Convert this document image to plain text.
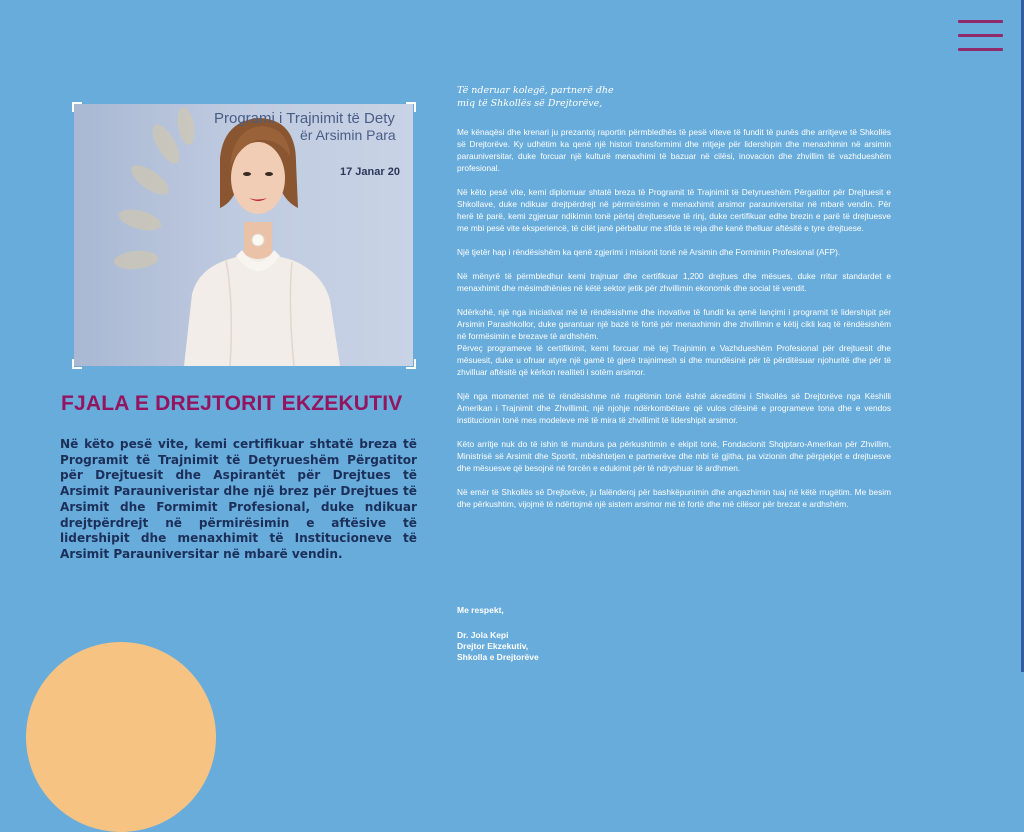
Programi i Trajnimit të Dety
ër Arsimin Para
17 Janar 20
FJALA E DREJTORIT EKZEKUTIV

Në këto pesë vite, kemi certifikuar shtatë breza të Programit të Trajnimit të Detyrueshëm Përgatitor për Drejtuesit dhe Aspirantët për Drejtues të Arsimit Parauniveristar dhe një brez për Drejtues të Arsimit dhe Formimit Profesional, duke ndikuar drejtpërdrejt në përmirësimin e aftësive të lidershipit dhe menaxhimit të Institucioneve të Arsimit Parauniversitar në mbarë vendin.

Të nderuar kolegë, partnerë dhe
miq të Shkollës së Drejtorëve,

Me kënaqësi dhe krenari ju prezantoj raportin përmbledhës të pesë viteve të fundit të punës dhe arritjeve të Shkollës së Drejtorëve. Ky udhëtim ka qenë një histori transformimi dhe rritjeje për lidershipin dhe menaxhimin në arsimin parauniversitar, duke forcuar një kulturë menaxhimi të bazuar në cilësi, inovacion dhe zhvillim të vazhdueshëm profesional.

Në këto pesë vite, kemi diplomuar shtatë breza të Programit të Trajnimit të Detyrueshëm Përgatitor për Drejtuesit e Shkollave, duke ndikuar drejtpërdrejt në përmirësimin e menaxhimit arsimor parauniversitar në mbarë vendin. Për herë të parë, kemi zgjeruar ndikimin tonë përtej drejtueseve të rinj, duke certifikuar edhe brezin e parë të drejtuesve me mbi pesë vite eksperiencë, të cilët janë përballur me sfida të reja dhe kanë thelluar aftësitë e tyre drejtuese.

Një tjetër hap i rëndësishëm ka qenë zgjerimi i misionit tonë në Arsimin dhe Formimin Profesional (AFP).

Në mënyrë të përmbledhur kemi trajnuar dhe certifikuar 1,200 drejtues dhe mësues, duke rritur standardet e menaxhimit dhe mësimdhënies në këtë sektor jetik për zhvillimin ekonomik dhe social të vendit.

Ndërkohë, një nga iniciativat më të rëndësishme dhe inovative të fundit ka qenë lançimi i programit të lidershipit për Arsimin Parashkollor, duke garantuar një bazë të fortë për menaxhimin dhe zhvillimin e këtij cikli kaq të rëndësishëm në formësimin e brezave të ardhshëm.

Përveç programeve të certifikimit, kemi forcuar më tej Trajnimin e Vazhdueshëm Profesional për drejtuesit dhe mësuesit, duke u ofruar atyre një gamë të gjerë trajnimesh si dhe mundësinë për të përditësuar njohuritë dhe për të zhvilluar aftësitë që kërkon realiteti i sotëm arsimor.

Një nga momentet më të rëndësishme në rrugëtimin tonë është akreditimi i Shkollës së Drejtorëve nga Këshilli Amerikan i Trajnimit dhe Zhvillimit, një njohje ndërkombëtare që vulos cilësinë e programeve tona dhe e vendos institucionin tonë mes modeleve më të mira të zhvillimit të lidershipit arsimor.

Këto arritje nuk do të ishin të mundura pa përkushtimin e ekipit tonë, Fondacionit Shqiptaro-Amerikan për Zhvillim, Ministrisë së Arsimit dhe Sportit, mbështetjen e partnerëve dhe mbi të gjitha, pa vizionin dhe përpjekjet e drejtuesve dhe mësuesve që besojnë në forcën e edukimit për të ndryshuar të ardhmen.

Në emër të Shkollës së Drejtorëve, ju falënderoj për bashkëpunimin dhe angazhimin tuaj në këtë rrugëtim. Me besim dhe përkushtim, vijojmë të ndërtojmë një sistem arsimor më të fortë dhe më cilësor për brezat e ardhshëm.

Me respekt,
Dr. Jola Kepi
Drejtor Ekzekutiv,
Shkolla e Drejtorëve
